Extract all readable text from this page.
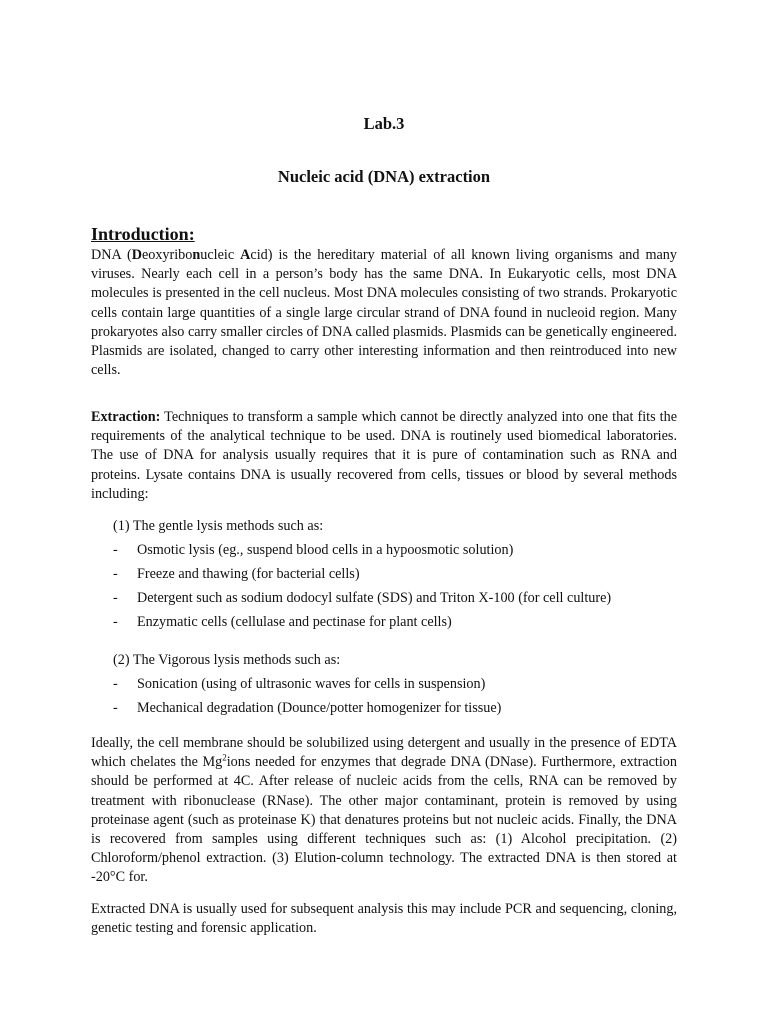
Lab.3
Nucleic acid (DNA) extraction
Introduction:

DNA (Deoxyribonucleic Acid) is the hereditary material of all known living organisms and many viruses. Nearly each cell in a person’s body has the same DNA. In Eukaryotic cells, most DNA molecules is presented in the cell nucleus. Most DNA molecules consisting of two strands. Prokaryotic cells contain large quantities of a single large circular strand of DNA found in nucleoid region. Many prokaryotes also carry smaller circles of DNA called plasmids. Plasmids can be genetically engineered. Plasmids are isolated, changed to carry other interesting information and then reintroduced into new cells.

Extraction: Techniques to transform a sample which cannot be directly analyzed into one that fits the requirements of the analytical technique to be used. DNA is routinely used biomedical laboratories. The use of DNA for analysis usually requires that it is pure of contamination such as RNA and proteins. Lysate contains DNA is usually recovered from cells, tissues or blood by several methods including:

(1) The gentle lysis methods such as:
- Osmotic lysis (eg., suspend blood cells in a hypoosmotic solution)
- Freeze and thawing (for bacterial cells)
- Detergent such as sodium dodocyl sulfate (SDS) and Triton X-100 (for cell culture)
- Enzymatic cells (cellulase and pectinase for plant cells)
(2) The Vigorous lysis methods such as:
- Sonication (using of ultrasonic waves for cells in suspension)
- Mechanical degradation (Dounce/potter homogenizer for tissue)

Ideally, the cell membrane should be solubilized using detergent and usually in the presence of EDTA which chelates the Mg$^2$ions needed for enzymes that degrade DNA (DNase). Furthermore, extraction should be performed at 4C. After release of nucleic acids from the cells, RNA can be removed by treatment with ribonuclease (RNase). The other major contaminant, protein is removed by using proteinase agent (such as proteinase K) that denatures proteins but not nucleic acids. Finally, the DNA is recovered from samples using different techniques such as: (1) Alcohol precipitation. (2) Chloroform/phenol extraction. (3) Elution-column technology. The extracted DNA is then stored at -20°C for.

Extracted DNA is usually used for subsequent analysis this may include PCR and sequencing, cloning, genetic testing and forensic application.
